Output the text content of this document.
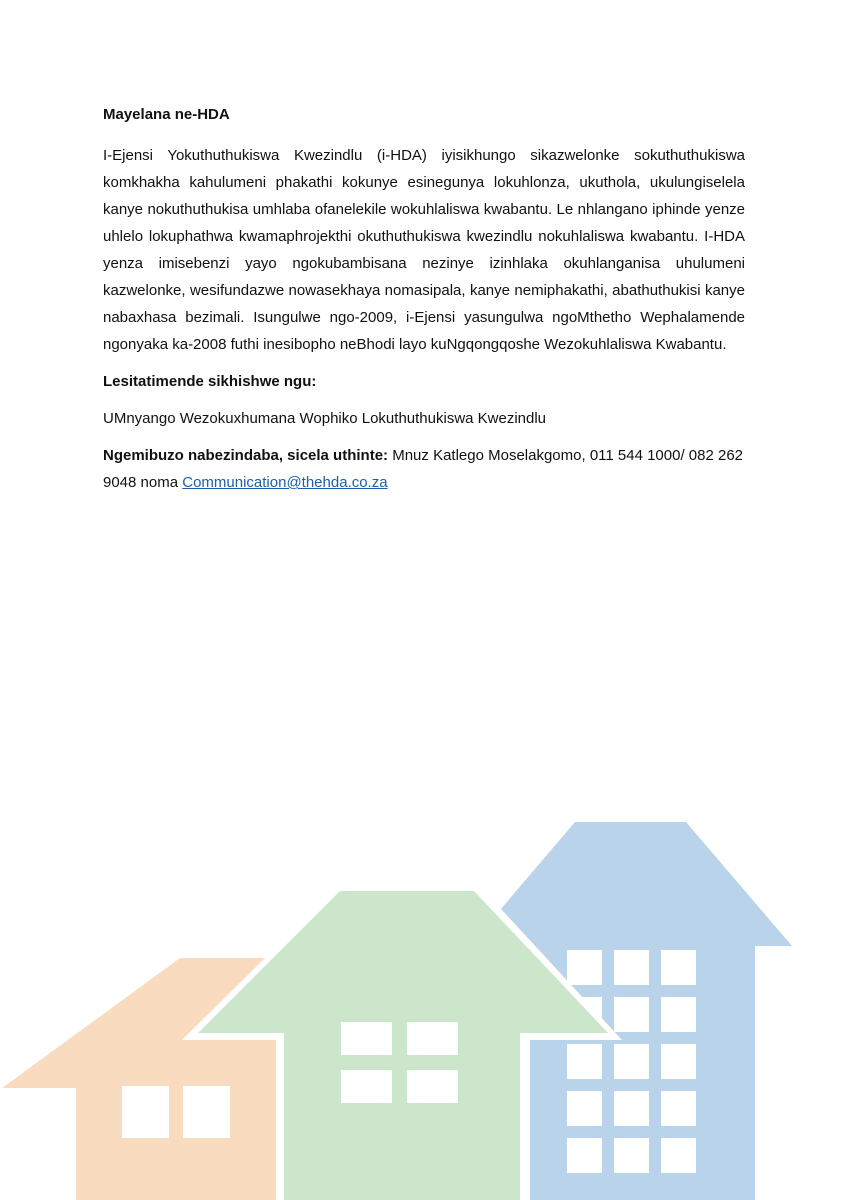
Mayelana ne-HDA

I-Ejensi Yokuthuthukiswa Kwezindlu (i-HDA) iyisikhungo sikazwelonke sokuthuthukiswa komkhakha kahulumeni phakathi kokunye esinegunya lokuhlonza, ukuthola, ukulungiselela kanye nokuthuthukisa umhlaba ofanelekile wokuhlaliswa kwabantu. Le nhlangano iphinde yenze uhlelo lokuphathwa kwamaphrojekthi okuthuthukiswa kwezindlu nokuhlaliswa kwabantu. I-HDA yenza imisebenzi yayo ngokubambisana nezinye izinhlaka okuhlanganisa uhulumeni kazwelonke, wesifundazwe nowasekhaya nomasipala, kanye nemiphakathi, abathuthukisi kanye nabaxhasa bezimali. Isungulwe ngo-2009, i-Ejensi yasungulwa ngoMthetho Wephalamende ngonyaka ka-2008 futhi inesibopho neBhodi layo kuNgqongqoshe Wezokuhlaliswa Kwabantu.

Lesitatimende sikhishwe ngu:

UMnyango Wezokuxhumana Wophiko Lokuthuthukiswa Kwezindlu

Ngemibuzo nabezindaba, sicela uthinte: Mnuz Katlego Moselakgomo, 011 544 1000/ 082 262 9048 noma Communication@thehda.co.za
